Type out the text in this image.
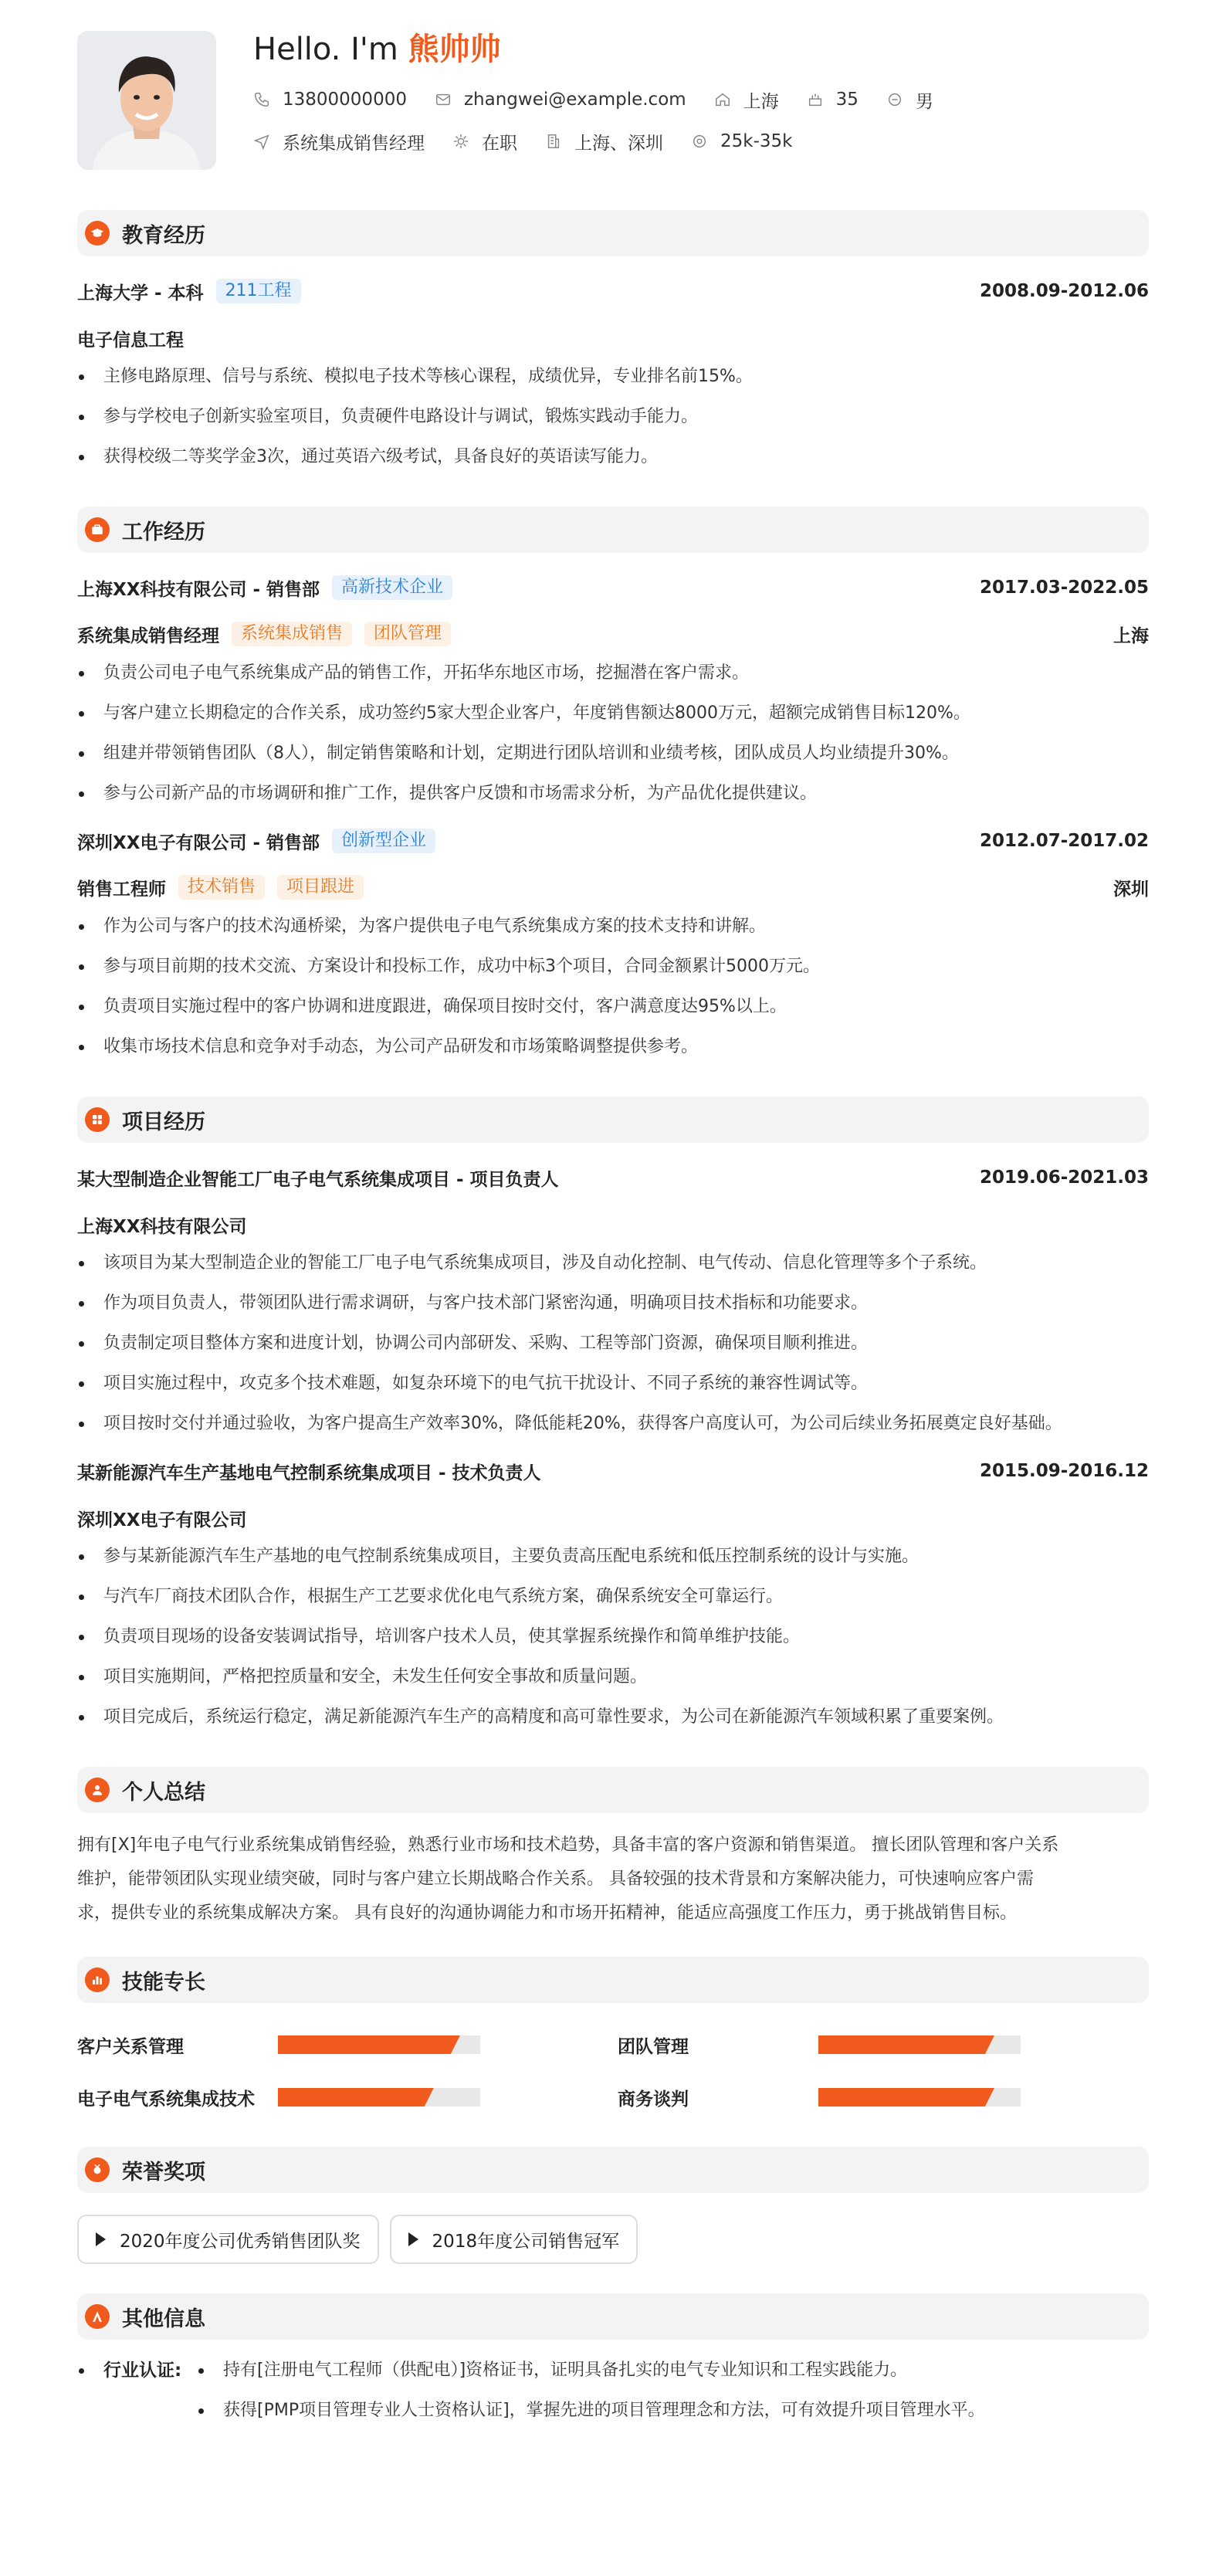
Hello. I'm 熊帅帅
13800000000	zhangwei@example.com	上海	35	男
系统集成销售经理	在职	上海、深圳	25k-35k
教育经历
上海大学 - 本科	211工程	2008.09-2012.06
电子信息工程
主修电路原理、信号与系统、模拟电子技术等核心课程，成绩优异，专业排名前15%。
参与学校电子创新实验室项目，负责硬件电路设计与调试，锻炼实践动手能力。
获得校级二等奖学金3次，通过英语六级考试，具备良好的英语读写能力。
工作经历
上海XX科技有限公司 - 销售部	高新技术企业	2017.03-2022.05
系统集成销售经理	系统集成销售	团队管理	上海
负责公司电子电气系统集成产品的销售工作，开拓华东地区市场，挖掘潜在客户需求。
与客户建立长期稳定的合作关系，成功签约5家大型企业客户，年度销售额达8000万元，超额完成销售目标120%。
组建并带领销售团队（8人），制定销售策略和计划，定期进行团队培训和业绩考核，团队成员人均业绩提升30%。
参与公司新产品的市场调研和推广工作，提供客户反馈和市场需求分析，为产品优化提供建议。
深圳XX电子有限公司 - 销售部	创新型企业	2012.07-2017.02
销售工程师	技术销售	项目跟进	深圳
作为公司与客户的技术沟通桥梁，为客户提供电子电气系统集成方案的技术支持和讲解。
参与项目前期的技术交流、方案设计和投标工作，成功中标3个项目，合同金额累计5000万元。
负责项目实施过程中的客户协调和进度跟进，确保项目按时交付，客户满意度达95%以上。
收集市场技术信息和竞争对手动态，为公司产品研发和市场策略调整提供参考。
项目经历
某大型制造企业智能工厂电子电气系统集成项目 - 项目负责人	2019.06-2021.03
上海XX科技有限公司
该项目为某大型制造企业的智能工厂电子电气系统集成项目，涉及自动化控制、电气传动、信息化管理等多个子系统。
作为项目负责人，带领团队进行需求调研，与客户技术部门紧密沟通，明确项目技术指标和功能要求。
负责制定项目整体方案和进度计划，协调公司内部研发、采购、工程等部门资源，确保项目顺利推进。
项目实施过程中，攻克多个技术难题，如复杂环境下的电气抗干扰设计、不同子系统的兼容性调试等。
项目按时交付并通过验收，为客户提高生产效率30%，降低能耗20%，获得客户高度认可，为公司后续业务拓展奠定良好基础。
某新能源汽车生产基地电气控制系统集成项目 - 技术负责人	2015.09-2016.12
深圳XX电子有限公司
参与某新能源汽车生产基地的电气控制系统集成项目，主要负责高压配电系统和低压控制系统的设计与实施。
与汽车厂商技术团队合作，根据生产工艺要求优化电气系统方案，确保系统安全可靠运行。
负责项目现场的设备安装调试指导，培训客户技术人员，使其掌握系统操作和简单维护技能。
项目实施期间，严格把控质量和安全，未发生任何安全事故和质量问题。
项目完成后，系统运行稳定，满足新能源汽车生产的高精度和高可靠性要求，为公司在新能源汽车领域积累了重要案例。
个人总结
拥有[X]年电子电气行业系统集成销售经验，熟悉行业市场和技术趋势，具备丰富的客户资源和销售渠道。 擅长团队管理和客户关系
维护，能带领团队实现业绩突破，同时与客户建立长期战略合作关系。 具备较强的技术背景和方案解决能力，可快速响应客户需
求，提供专业的系统集成解决方案。 具有良好的沟通协调能力和市场开拓精神，能适应高强度工作压力，勇于挑战销售目标。
技能专长
客户关系管理	团队管理
电子电气系统集成技术	商务谈判
荣誉奖项
2020年度公司优秀销售团队奖	2018年度公司销售冠军
其他信息
行业认证:	持有[注册电气工程师（供配电）]资格证书，证明具备扎实的电气专业知识和工程实践能力。
获得[PMP项目管理专业人士资格认证]，掌握先进的项目管理理念和方法，可有效提升项目管理水平。
